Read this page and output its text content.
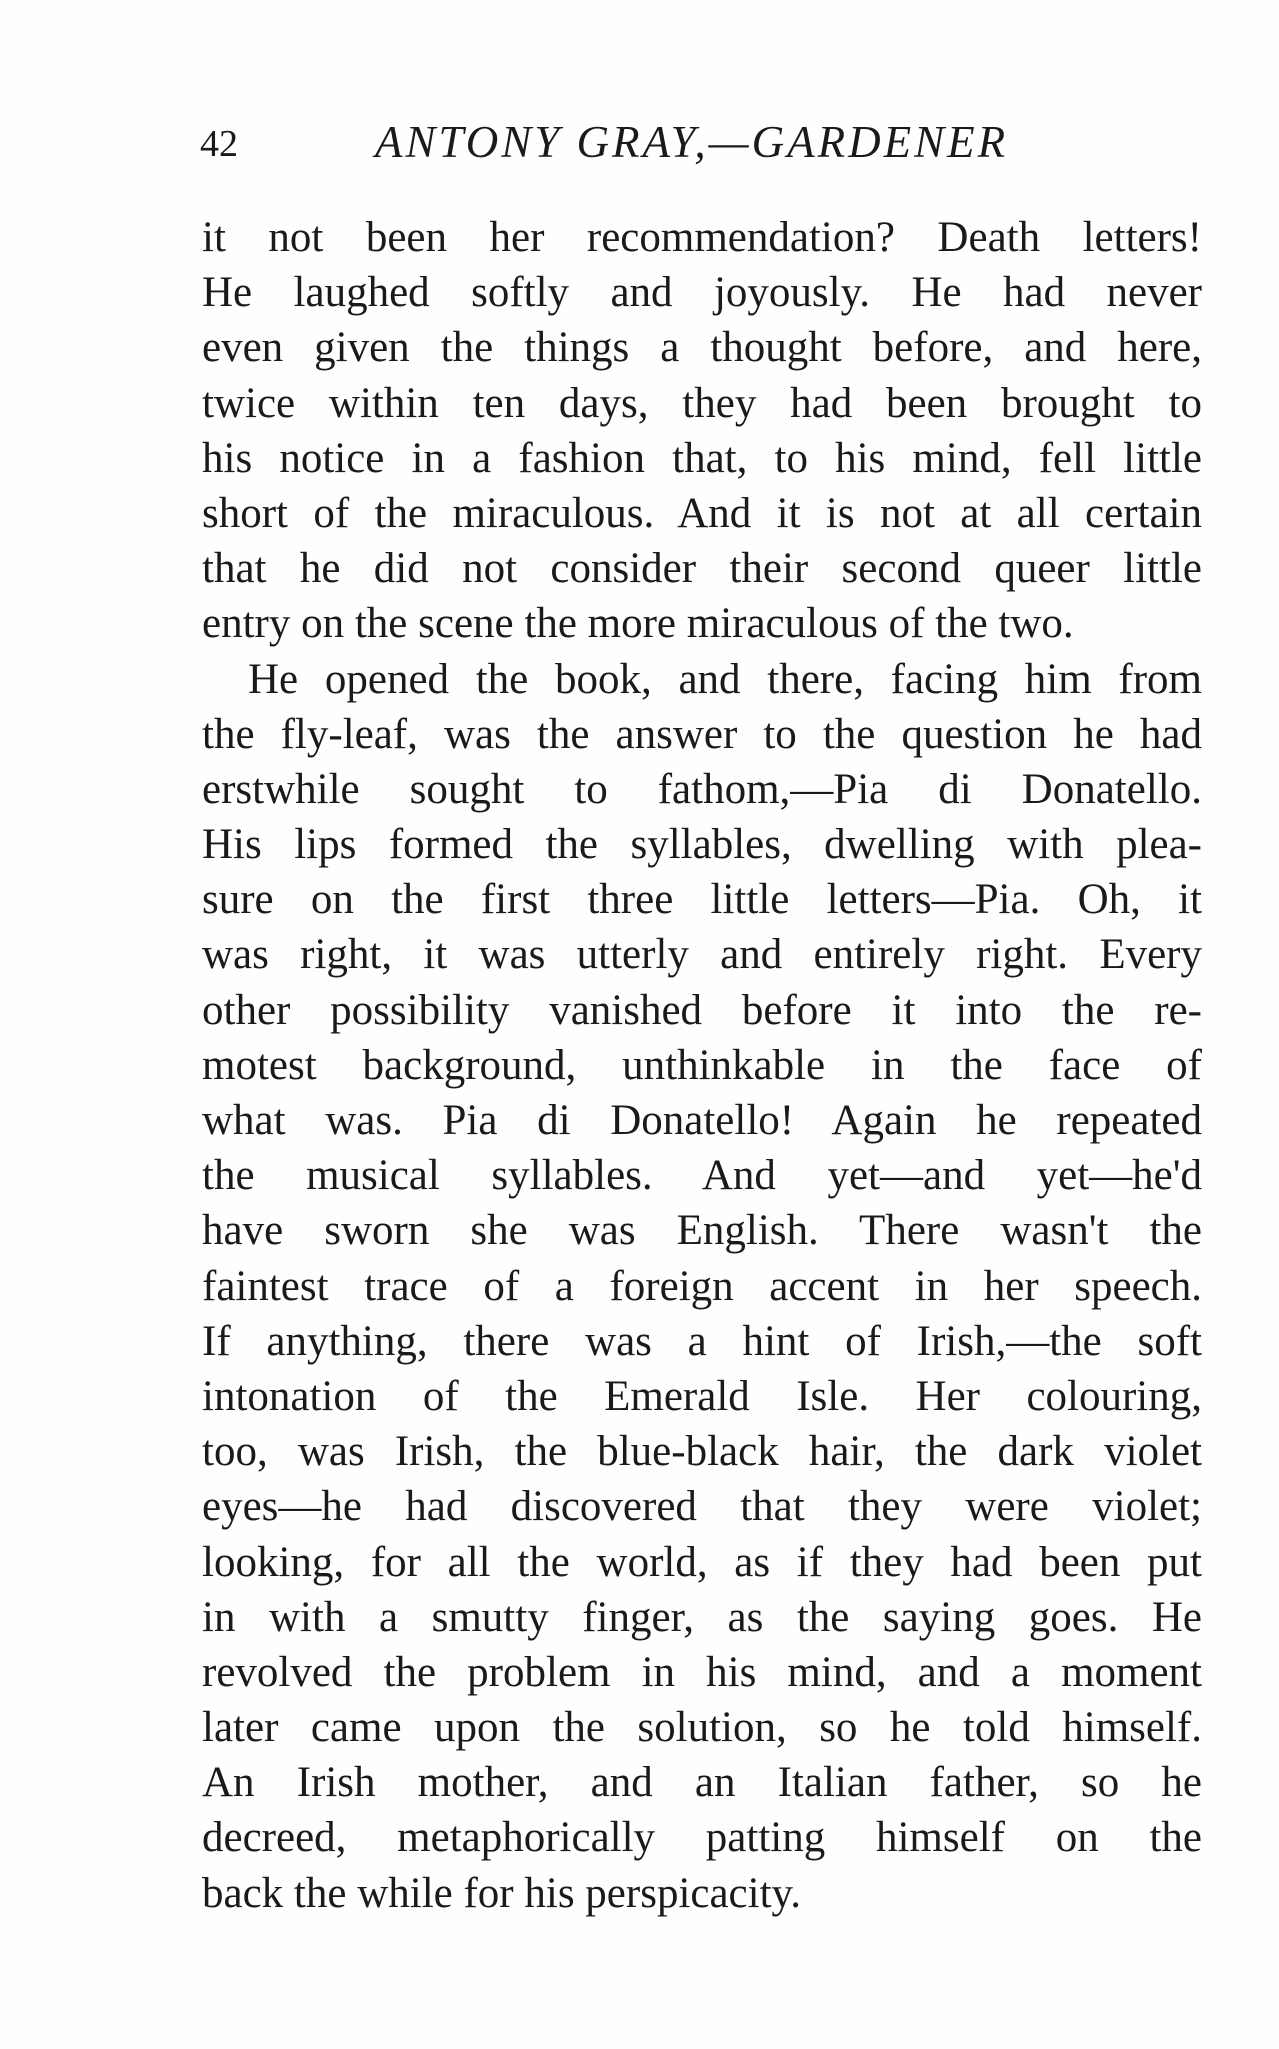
42	ANTONY GRAY,—GARDENER
it not been her recommendation? Death letters!
He laughed softly and joyously. He had never
even given the things a thought before, and here,
twice within ten days, they had been brought to
his notice in a fashion that, to his mind, fell little
short of the miraculous. And it is not at all certain
that he did not consider their second queer little
entry on the scene the more miraculous of the two.
He opened the book, and there, facing him from
the fly-leaf, was the answer to the question he had
erstwhile sought to fathom,—Pia di Donatello.
His lips formed the syllables, dwelling with plea-
sure on the first three little letters—Pia. Oh, it
was right, it was utterly and entirely right. Every
other possibility vanished before it into the re-
motest background, unthinkable in the face of
what was. Pia di Donatello! Again he repeated
the musical syllables. And yet—and yet—he'd
have sworn she was English. There wasn't the
faintest trace of a foreign accent in her speech.
If anything, there was a hint of Irish,—the soft
intonation of the Emerald Isle. Her colouring,
too, was Irish, the blue-black hair, the dark violet
eyes—he had discovered that they were violet;
looking, for all the world, as if they had been put
in with a smutty finger, as the saying goes. He
revolved the problem in his mind, and a moment
later came upon the solution, so he told himself.
An Irish mother, and an Italian father, so he
decreed, metaphorically patting himself on the
back the while for his perspicacity.
